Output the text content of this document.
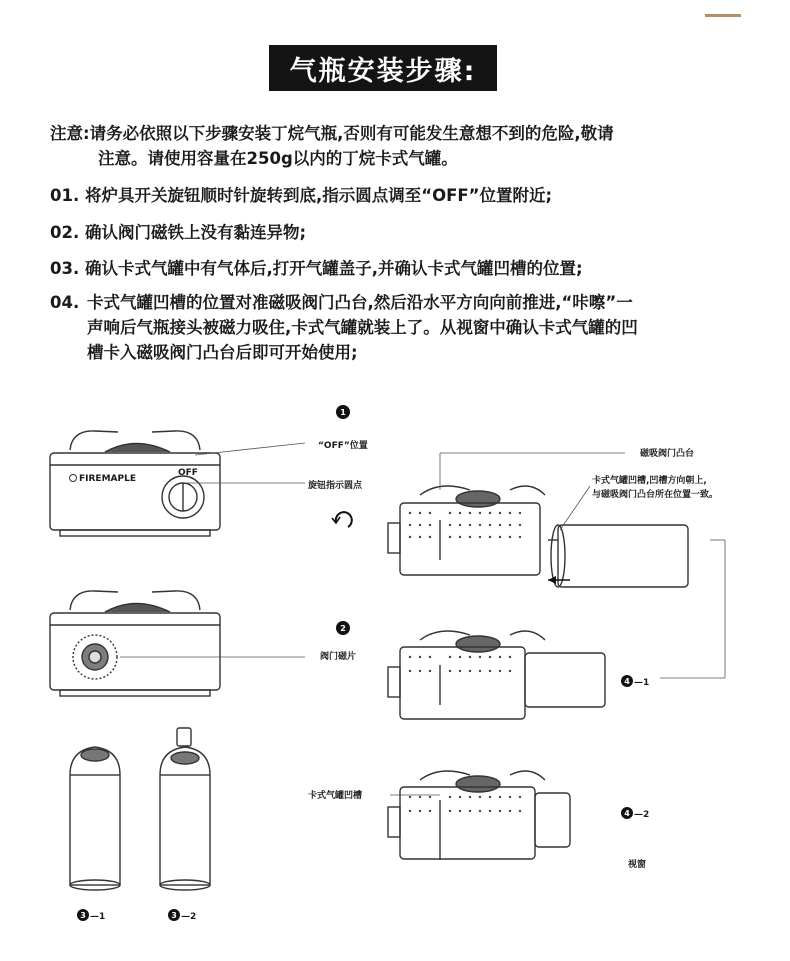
气瓶安装步骤:
注意:请务必依照以下步骤安装丁烷气瓶,否则有可能发生意想不到的危险,敬请
注意。请使用容量在250g以内的丁烷卡式气罐。
01. 将炉具开关旋钮顺时针旋转到底,指示圆点调至“OFF”位置附近;
02. 确认阀门磁铁上没有黏连异物;
03. 确认卡式气罐中有气体后,打开气罐盖子,并确认卡式气罐凹槽的位置;
04. 卡式气罐凹槽的位置对准磁吸阀门凸台,然后沿水平方向向前推进,“咔嚓”一
声响后气瓶接头被磁力吸住,卡式气罐就装上了。从视窗中确认卡式气罐的凹
槽卡入磁吸阀门凸台后即可开始使用;
FIREMAPLE
OFF
1
2
3	3
4
4
“OFF”位置
旋钮指示圆点
阀门磁片
卡式气罐凹槽
磁吸阀门凸台
卡式气罐凹槽,凹槽方向朝上,
与磁吸阀门凸台所在位置一致。
—1	—2
—1
—2
视窗
